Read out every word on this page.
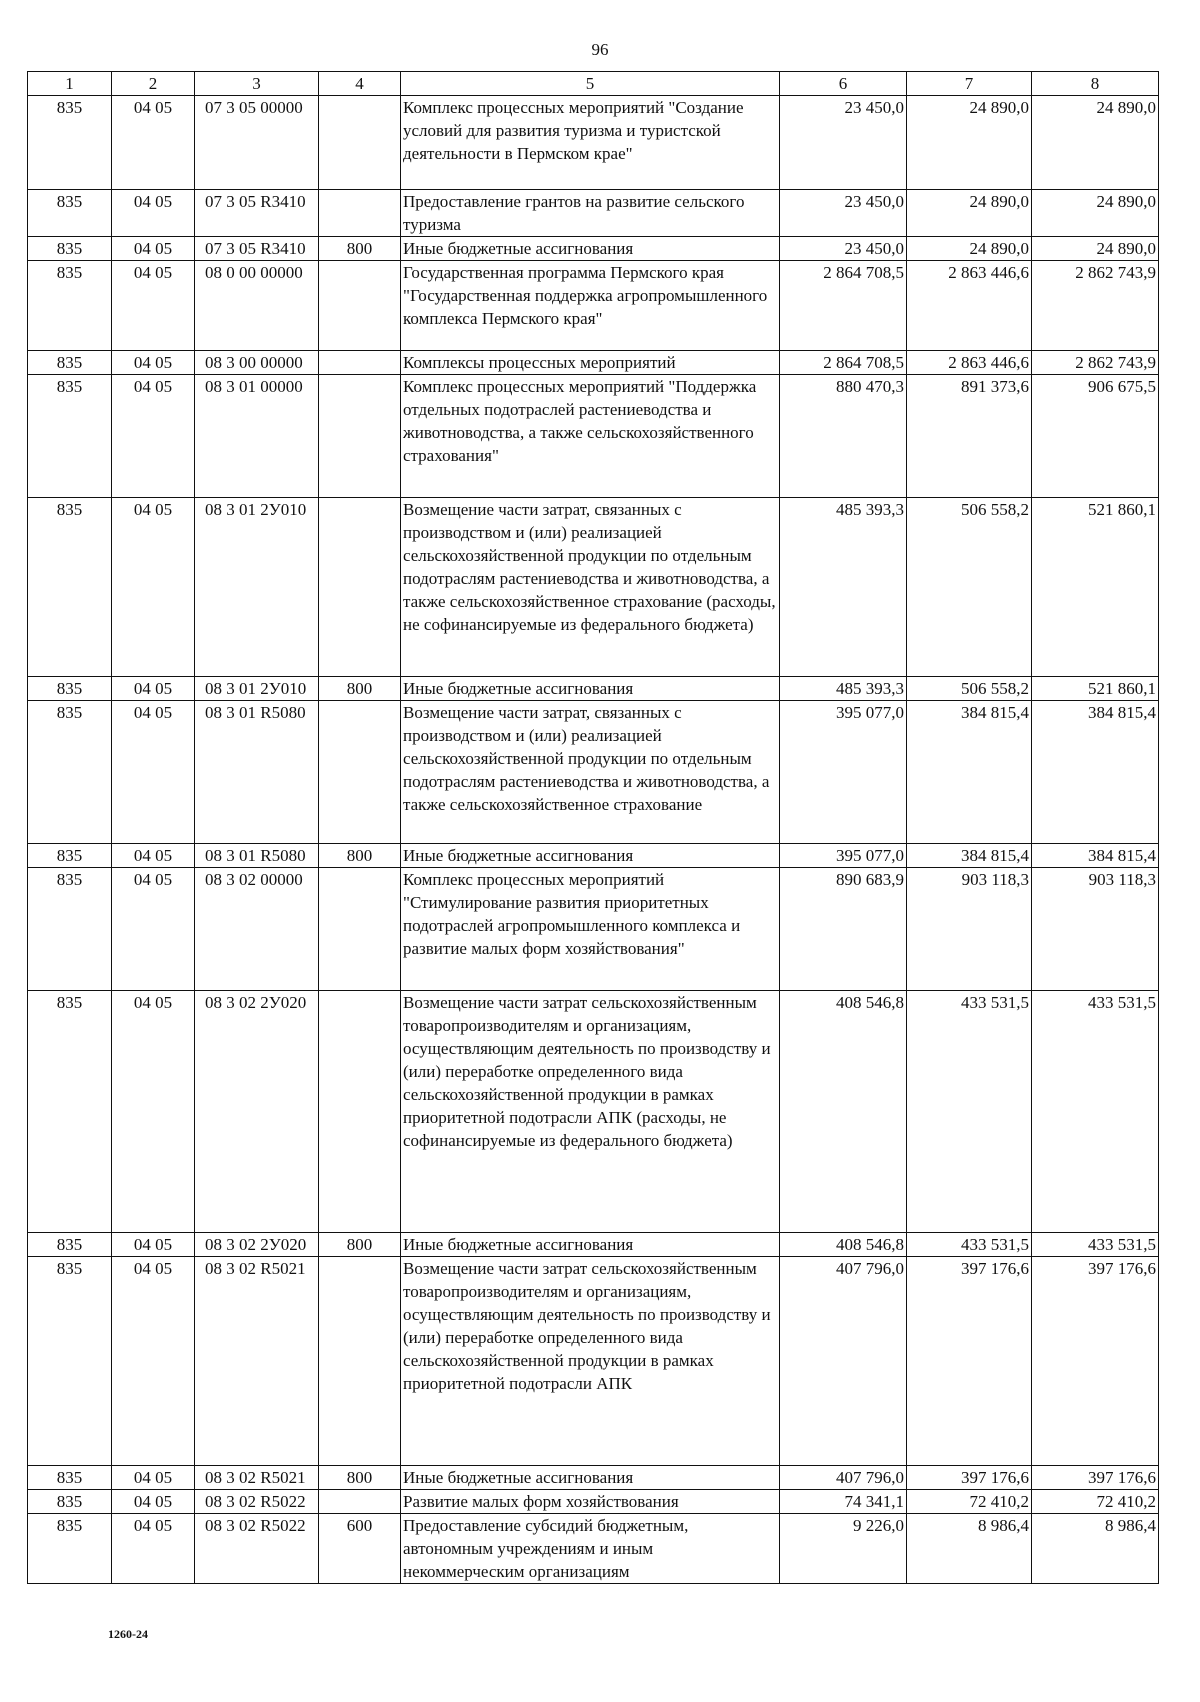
96
1	2	3	4	5	6	7	8
835	04 05	07 3 05 00000		Комплекс процессных мероприятий "Создание условий для развития туризма и туристской деятельности в Пермском крае"	23 450,0	24 890,0	24 890,0
835	04 05	07 3 05 R3410		Предоставление грантов на развитие сельского туризма	23 450,0	24 890,0	24 890,0
835	04 05	07 3 05 R3410	800	Иные бюджетные ассигнования	23 450,0	24 890,0	24 890,0
835	04 05	08 0 00 00000		Государственная программа Пермского края "Государственная поддержка агропромышленного комплекса Пермского края"	2 864 708,5	2 863 446,6	2 862 743,9
835	04 05	08 3 00 00000		Комплексы процессных мероприятий	2 864 708,5	2 863 446,6	2 862 743,9
835	04 05	08 3 01 00000		Комплекс процессных мероприятий "Поддержка отдельных подотраслей растениеводства и животноводства, а также сельскохозяйственного страхования"	880 470,3	891 373,6	906 675,5
835	04 05	08 3 01 2У010		Возмещение части затрат, связанных с производством и (или) реализацией сельскохозяйственной продукции по отдельным подотраслям растениеводства и животноводства, а также сельскохозяйственное страхование (расходы, не софинансируемые из федерального бюджета)	485 393,3	506 558,2	521 860,1
835	04 05	08 3 01 2У010	800	Иные бюджетные ассигнования	485 393,3	506 558,2	521 860,1
835	04 05	08 3 01 R5080		Возмещение части затрат, связанных с производством и (или) реализацией сельскохозяйственной продукции по отдельным подотраслям растениеводства и животноводства, а также сельскохозяйственное страхование	395 077,0	384 815,4	384 815,4
835	04 05	08 3 01 R5080	800	Иные бюджетные ассигнования	395 077,0	384 815,4	384 815,4
835	04 05	08 3 02 00000		Комплекс процессных мероприятий "Стимулирование развития приоритетных подотраслей агропромышленного комплекса и развитие малых форм хозяйствования"	890 683,9	903 118,3	903 118,3
835	04 05	08 3 02 2У020		Возмещение части затрат сельскохозяйственным товаропроизводителям и организациям, осуществляющим деятельность по производству и (или) переработке определенного вида сельскохозяйственной продукции в рамках приоритетной подотрасли АПК (расходы, не софинансируемые из федерального бюджета)	408 546,8	433 531,5	433 531,5
835	04 05	08 3 02 2У020	800	Иные бюджетные ассигнования	408 546,8	433 531,5	433 531,5
835	04 05	08 3 02 R5021		Возмещение части затрат сельскохозяйственным товаропроизводителям и организациям, осуществляющим деятельность по производству и (или) переработке определенного вида сельскохозяйственной продукции в рамках приоритетной подотрасли АПК	407 796,0	397 176,6	397 176,6
835	04 05	08 3 02 R5021	800	Иные бюджетные ассигнования	407 796,0	397 176,6	397 176,6
835	04 05	08 3 02 R5022		Развитие малых форм хозяйствования	74 341,1	72 410,2	72 410,2
835	04 05	08 3 02 R5022	600	Предоставление субсидий бюджетным, автономным учреждениям и иным некоммерческим организациям	9 226,0	8 986,4	8 986,4
1260-24
